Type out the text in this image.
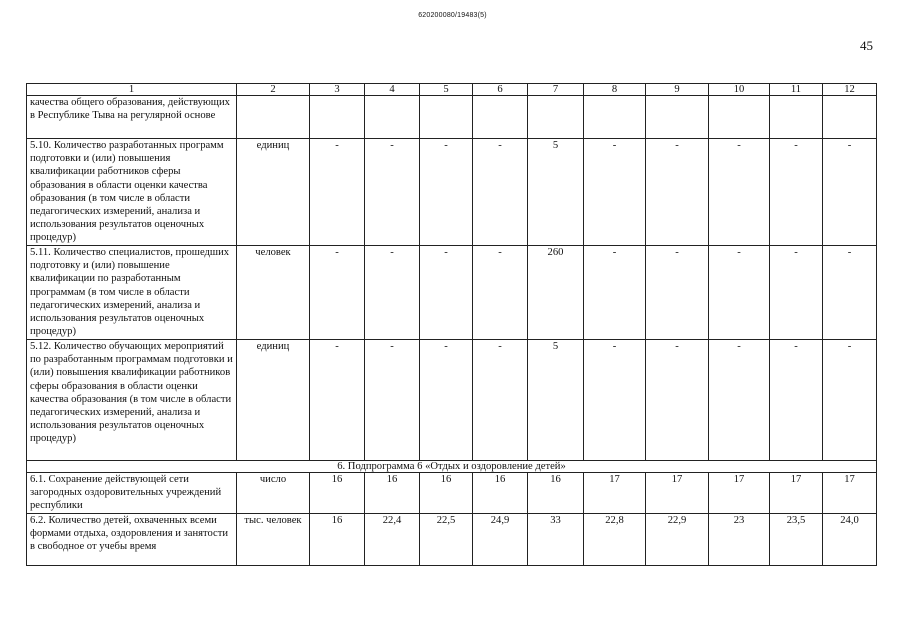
620200080/19483(5)
45
1	2	3	4	5	6	7	8	9	10	11	12
качества общего образования, действующих в Республике Тыва на регулярной основе											
5.10. Количество разработанных программ подготовки и (или) повышения квалификации работников сферы образования в области оценки качества образования (в том числе в области педагогических измерений, анализа и использования результатов оценочных процедур)	единиц	-	-	-	-	5	-	-	-	-	-
5.11. Количество специалистов, прошедших подготовку и (или) повышение квалификации по разработанным программам (в том числе в области педагогических измерений, анализа и использования результатов оценочных процедур)	человек	-	-	-	-	260	-	-	-	-	-
5.12. Количество обучающих мероприятий по разработанным программам подготовки и (или) повышения квалификации работников сферы образования в области оценки качества образования (в том числе в области педагогических измерений, анализа и использования результатов оценочных процедур)	единиц	-	-	-	-	5	-	-	-	-	-
6. Подпрограмма 6 «Отдых и оздоровление детей»											
6.1. Сохранение действующей сети загородных оздоровительных учреждений республики	число	16	16	16	16	16	17	17	17	17	17
6.2. Количество детей, охваченных всеми формами отдыха, оздоровления и занятости в свободное от учебы время	тыс. человек	16	22,4	22,5	24,9	33	22,8	22,9	23	23,5	24,0
